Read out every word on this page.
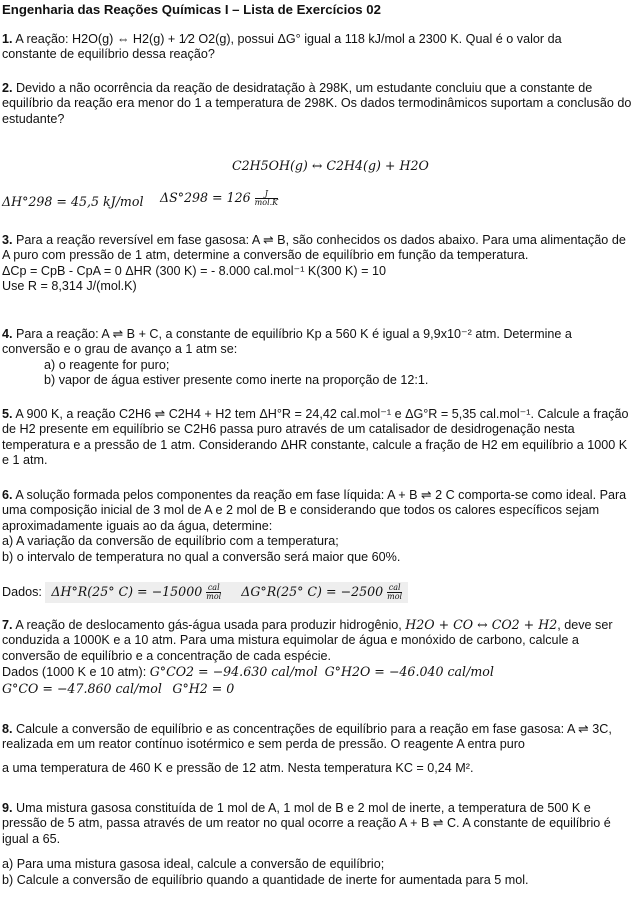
Engenharia das Reações Químicas I – Lista de Exercícios 02

1. A reação: H2O(g) ⇔ H2(g) + 1⁄2 O2(g), possui ΔG° igual a 118 kJ/mol a 2300 K. Qual é o valor da

constante de equilíbrio dessa reação?

2. Devido a não ocorrência da reação de desidratação à 298K, um estudante concluiu que a constante de equilíbrio da reação era menor do 1 a temperatura de 298K. Os dados termodinâmicos suportam a conclusão do estudante?

C2H5OH(g) ↔ C2H4(g) + H2O
ΔH°298 = 45,5 kJ/mol	$\Delta S^\circ 298 = 126 \frac{J}{\text{mol.K}}$

3. Para a reação reversível em fase gasosa: A ⇌ B, são conhecidos os dados abaixo. Para uma alimentação de A puro com pressão de 1 atm, determine a conversão de equilíbrio em função da temperatura.

ΔCp = CpB - CpA = 0 ΔHR (300 K) = - 8.000 cal.mol⁻¹ K(300 K) = 10

Use R = 8,314 J/(mol.K)

4. Para a reação: A ⇌ B + C, a constante de equilíbrio Kp a 560 K é igual a 9,9x10⁻² atm. Determine a conversão e o grau de avanço a 1 atm se:

a) o reagente for puro;

b) vapor de água estiver presente como inerte na proporção de 12:1.

5. A 900 K, a reação C2H6 ⇌ C2H4 + H2 tem ΔH°R = 24,42 cal.mol⁻¹ e ΔG°R = 5,35 cal.mol⁻¹. Calcule a fração de H2 presente em equilíbrio se C2H6 passa puro através de um catalisador de desidrogenação nesta temperatura e a pressão de 1 atm. Considerando ΔHR constante, calcule a fração de H2 em equilíbrio a 1000 K e 1 atm.

6. A solução formada pelos componentes da reação em fase líquida: A + B ⇌ 2 C comporta-se como ideal. Para uma composição inicial de 3 mol de A e 2 mol de B e considerando que todos os calores específicos sejam aproximadamente iguais ao da água, determine:

a) A variação da conversão de equilíbrio com a temperatura;

b) o intervalo de temperatura no qual a conversão será maior que 60%.

Dados: ΔH°R(25° $C) = -15000 \frac{\text{cal}}{\text{mol}} \Delta G^\circ R(25^\circ$ $C) = -2500 \frac{\text{cal}}{\text{mol}}$

7. A reação de deslocamento gás-água usada para produzir hidrogênio, H2O + CO ↔ CO2 + H2, deve ser conduzida a 1000K e a 10 atm. Para uma mistura equimolar de água e monóxido de carbono, calcule a conversão de equilíbrio e a concentração de cada espécie.

Dados (1000 K e 10 atm): G°CO2 = −94.630 cal/mol G°H2O = −46.040 cal/mol

G°CO = −47.860 cal/mol G°H2 = 0

8. Calcule a conversão de equilíbrio e as concentrações de equilíbrio para a reação em fase gasosa: A ⇌ 3C, realizada em um reator contínuo isotérmico e sem perda de pressão. O reagente A entra puro

a uma temperatura de 460 K e pressão de 12 atm. Nesta temperatura KC = 0,24 M².

9. Uma mistura gasosa constituída de 1 mol de A, 1 mol de B e 2 mol de inerte, a temperatura de 500 K e pressão de 5 atm, passa através de um reator no qual ocorre a reação A + B ⇌ C. A constante de equilíbrio é igual a 65.

a) Para uma mistura gasosa ideal, calcule a conversão de equilíbrio;

b) Calcule a conversão de equilíbrio quando a quantidade de inerte for aumentada para 5 mol.
